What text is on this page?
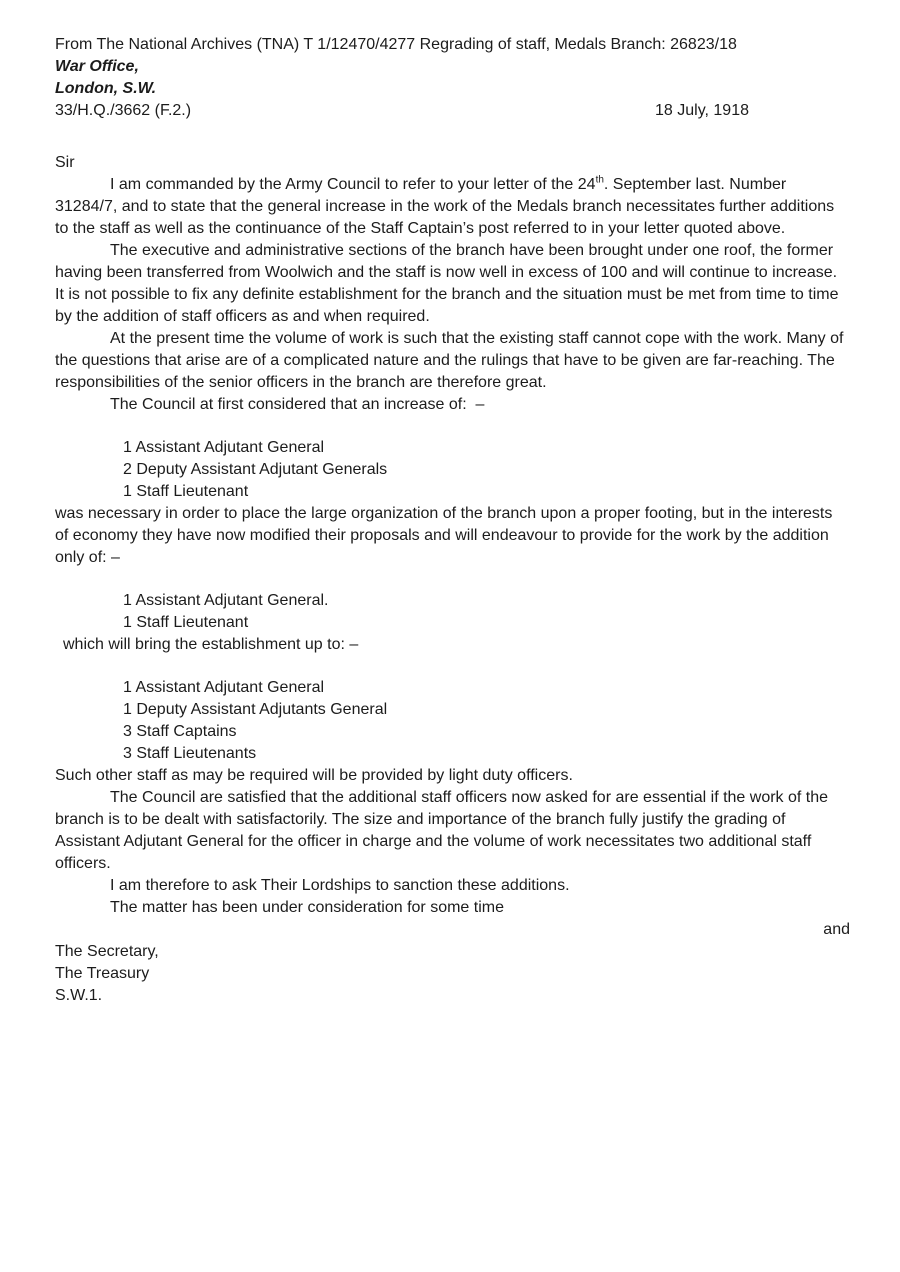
From The National Archives (TNA) T 1/12470/4277 Regrading of staff, Medals Branch: 26823/18

War Office,

London, S.W.

33/H.Q./3662 (F.2.)	18 July, 1918

Sir

I am commanded by the Army Council to refer to your letter of the 24th. September last. Number 31284/7, and to state that the general increase in the work of the Medals branch necessitates further additions to the staff as well as the continuance of the Staff Captain’s post referred to in your letter quoted above.

The executive and administrative sections of the branch have been brought under one roof, the former having been transferred from Woolwich and the staff is now well in excess of 100 and will continue to increase. It is not possible to fix any definite establishment for the branch and the situation must be met from time to time by the addition of staff officers as and when required.

At the present time the volume of work is such that the existing staff cannot cope with the work. Many of the questions that arise are of a complicated nature and the rulings that have to be given are far-reaching. The responsibilities of the senior officers in the branch are therefore great.

The Council at first considered that an increase of:  –

1 Assistant Adjutant General

2 Deputy Assistant Adjutant Generals

1 Staff Lieutenant

was necessary in order to place the large organization of the branch upon a proper footing, but in the interests of economy they have now modified their proposals and will endeavour to provide for the work by the addition only of: –

1 Assistant Adjutant General.

1 Staff Lieutenant

which will bring the establishment up to: –

1 Assistant Adjutant General

1 Deputy Assistant Adjutants General

3 Staff Captains

3 Staff Lieutenants

Such other staff as may be required will be provided by light duty officers.

The Council are satisfied that the additional staff officers now asked for are essential if the work of the branch is to be dealt with satisfactorily. The size and importance of the branch fully justify the grading of Assistant Adjutant General for the officer in charge and the volume of work necessitates two additional staff officers.

I am therefore to ask Their Lordships to sanction these additions.

The matter has been under consideration for some time

and

The Secretary,

The Treasury

S.W.1.
